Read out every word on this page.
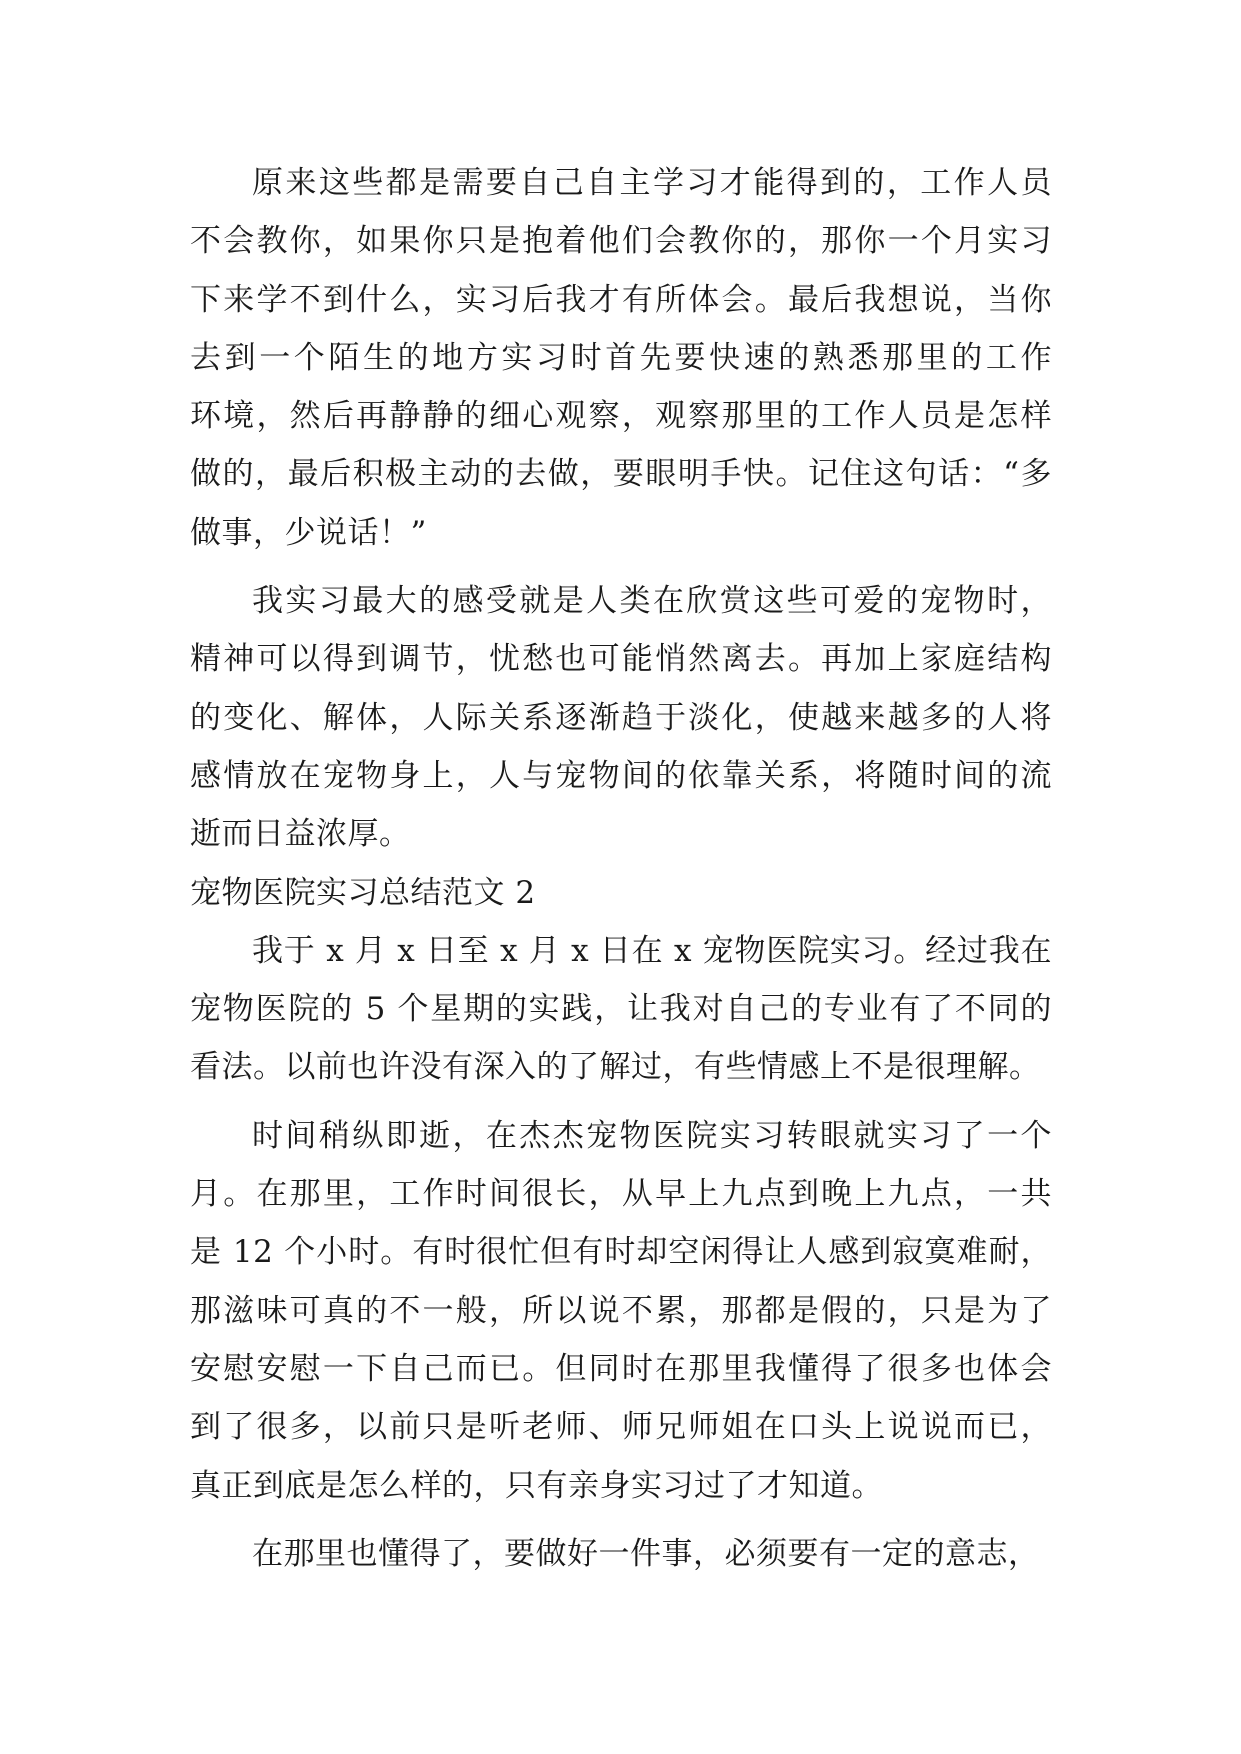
原来这些都是需要自己自主学习才能得到的，工作人员
不会教你，如果你只是抱着他们会教你的，那你一个月实习
下来学不到什么，实习后我才有所体会。最后我想说，当你
去到一个陌生的地方实习时首先要快速的熟悉那里的工作
环境，然后再静静的细心观察，观察那里的工作人员是怎样
做的，最后积极主动的去做，要眼明手快。记住这句话：“多
做事，少说话！”
我实习最大的感受就是人类在欣赏这些可爱的宠物时，
精神可以得到调节，忧愁也可能悄然离去。再加上家庭结构
的变化、解体，人际关系逐渐趋于淡化，使越来越多的人将
感情放在宠物身上，人与宠物间的依靠关系，将随时间的流
逝而日益浓厚。
宠物医院实习总结范文 2
我于 x 月 x 日至 x 月 x 日在 x 宠物医院实习。经过我在
宠物医院的 5 个星期的实践，让我对自己的专业有了不同的
看法。以前也许没有深入的了解过，有些情感上不是很理解。
时间稍纵即逝，在杰杰宠物医院实习转眼就实习了一个
月。在那里，工作时间很长，从早上九点到晚上九点，一共
是 12 个小时。有时很忙但有时却空闲得让人感到寂寞难耐，
那滋味可真的不一般，所以说不累，那都是假的，只是为了
安慰安慰一下自己而已。但同时在那里我懂得了很多也体会
到了很多，以前只是听老师、师兄师姐在口头上说说而已，
真正到底是怎么样的，只有亲身实习过了才知道。
在那里也懂得了，要做好一件事，必须要有一定的意志，
